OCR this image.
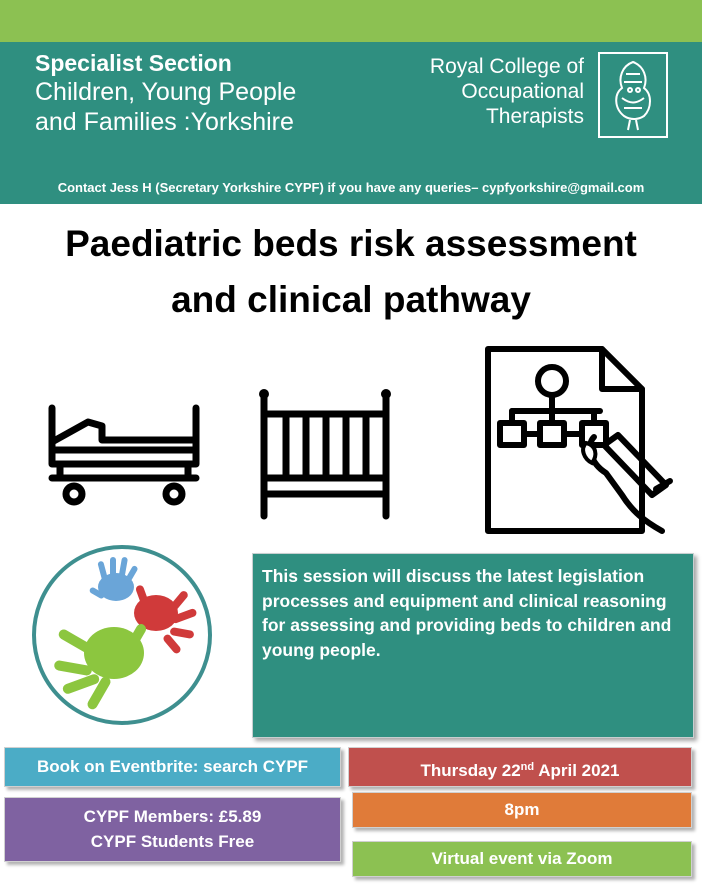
Specialist Section
Children, Young People
and Families :Yorkshire
Royal College of
Occupational
Therapists
Contact Jess H (Secretary Yorkshire CYPF) if you have any queries– cypfyorkshire@gmail.com
Paediatric beds risk assessment
and clinical pathway
This session will discuss the latest legislation processes and equipment and clinical reasoning for assessing and providing beds to children and young people.
Book on Eventbrite: search CYPF
CYPF Members: £5.89
CYPF Students Free
Thursday 22nd April 2021
8pm
Virtual event via Zoom
